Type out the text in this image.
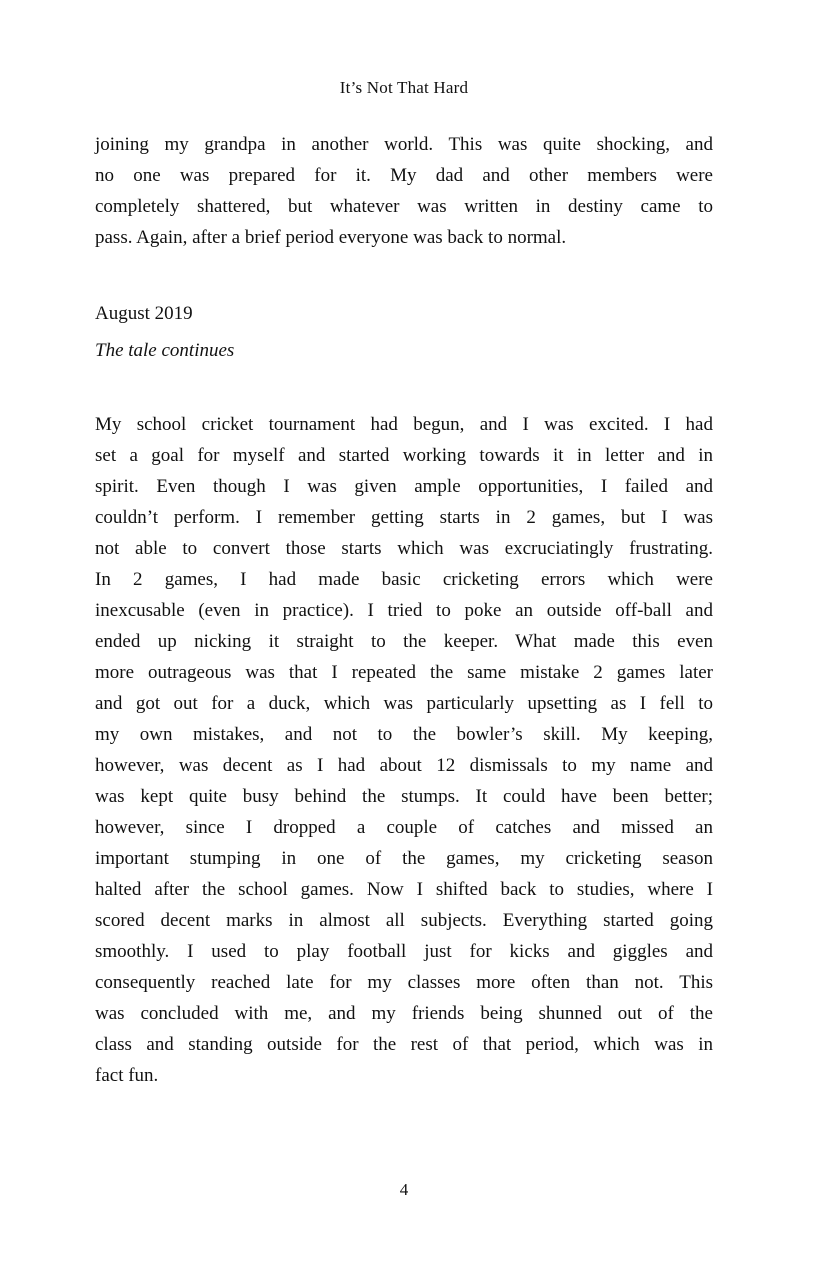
It’s Not That Hard
joining my grandpa in another world. This was quite shocking, and
no one was prepared for it. My dad and other members were
completely shattered, but whatever was written in destiny came to
pass. Again, after a brief period everyone was back to normal.
August 2019
The tale continues
My school cricket tournament had begun, and I was excited. I had
set a goal for myself and started working towards it in letter and in
spirit. Even though I was given ample opportunities, I failed and
couldn’t perform. I remember getting starts in 2 games, but I was
not able to convert those starts which was excruciatingly frustrating.
In 2 games, I had made basic cricketing errors which were
inexcusable (even in practice). I tried to poke an outside off-ball and
ended up nicking it straight to the keeper. What made this even
more outrageous was that I repeated the same mistake 2 games later
and got out for a duck, which was particularly upsetting as I fell to
my own mistakes, and not to the bowler’s skill. My keeping,
however, was decent as I had about 12 dismissals to my name and
was kept quite busy behind the stumps. It could have been better;
however, since I dropped a couple of catches and missed an
important stumping in one of the games, my cricketing season
halted after the school games. Now I shifted back to studies, where I
scored decent marks in almost all subjects. Everything started going
smoothly. I used to play football just for kicks and giggles and
consequently reached late for my classes more often than not. This
was concluded with me, and my friends being shunned out of the
class and standing outside for the rest of that period, which was in
fact fun.
4
